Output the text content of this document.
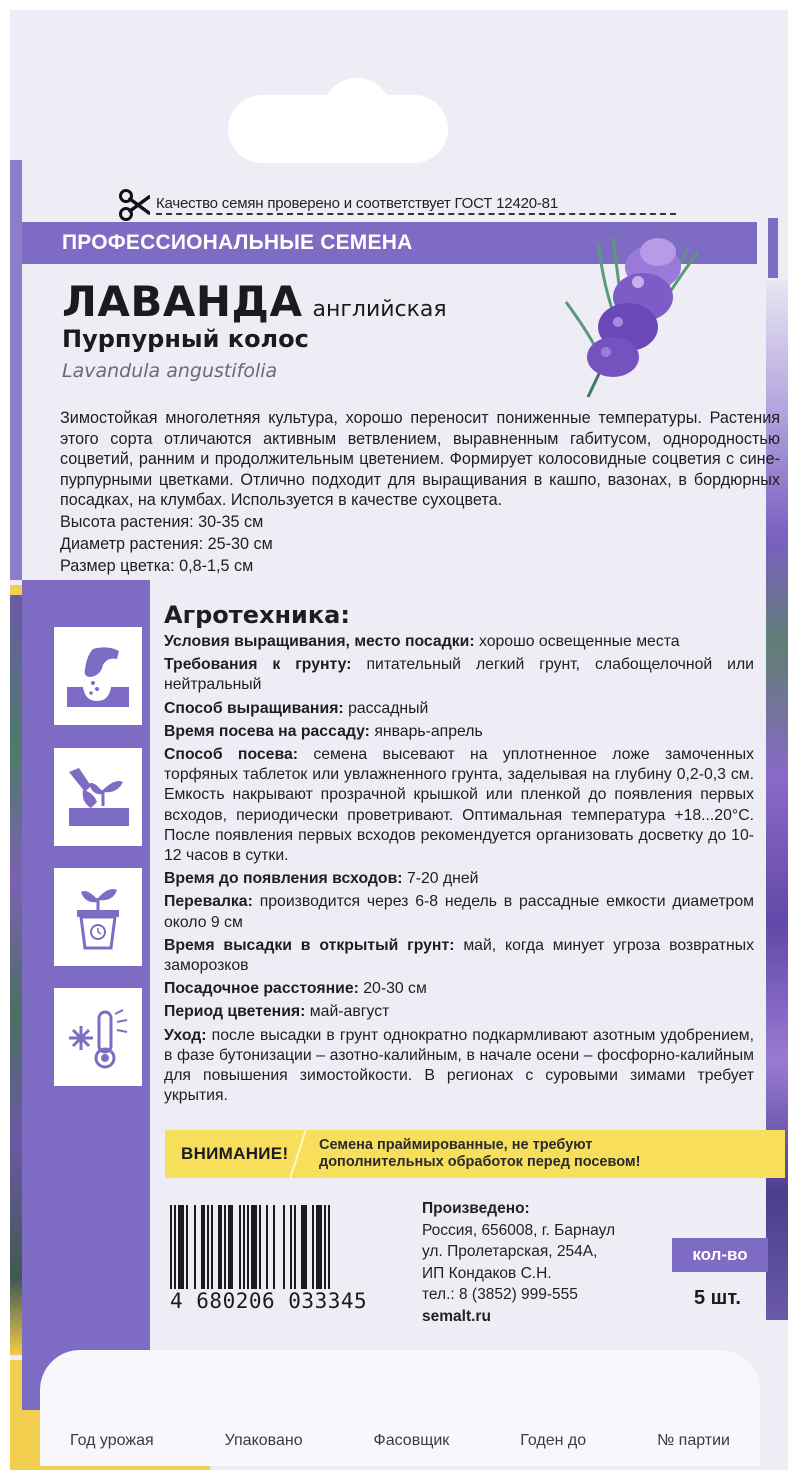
Качество семян проверено и соответствует ГОСТ 12420-81
ПРОФЕССИОНАЛЬНЫЕ СЕМЕНА
ЛАВАНДА английская
Пурпурный колос
Lavandula angustifolia
Зимостойкая многолетняя культура, хорошо переносит пониженные температуры. Растения этого сорта отличаются активным ветвлением, выравненным габитусом, однородностью соцветий, ранним и продолжительным цветением. Формирует колосовидные соцветия с сине-пурпурными цветками. Отлично подходит для выращивания в кашпо, вазонах, в бордюрных посадках, на клумбах. Используется в качестве сухоцвета.
Высота растения: 30-35 см
Диаметр растения: 25-30 см
Размер цветка: 0,8-1,5 см
Агротехника:
Условия выращивания, место посадки: хорошо освещенные места
Требования к грунту: питательный легкий грунт, слабощелочной или нейтральный
Способ выращивания: рассадный
Время посева на рассаду: январь-апрель
Способ посева: семена высевают на уплотненное ложе замоченных торфяных таблеток или увлажненного грунта, заделывая на глубину 0,2-0,3 см. Емкость накрывают прозрачной крышкой или пленкой до появления первых всходов, периодически проветривают. Оптимальная температура +18...20°С. После появления первых всходов рекомендуется организовать досветку до 10-12 часов в сутки.
Время до появления всходов: 7-20 дней
Перевалка: производится через 6-8 недель в рассадные емкости диаметром около 9 см
Время высадки в открытый грунт: май, когда минует угроза возвратных заморозков
Посадочное расстояние: 20-30 см
Период цветения: май-август
Уход: после высадки в грунт однократно подкармливают азотным удобрением, в фазе бутонизации – азотно-калийным, в начале осени – фосфорно-калийным для повышения зимостойкости. В регионах с суровыми зимами требует укрытия.
ВНИМАНИЕ! Семена праймированные, не требуют
дополнительных обработок перед посевом!
4 680206 033345
Произведено:
Россия, 656008, г. Барнаул
ул. Пролетарская, 254А,
ИП Кондаков С.Н.
тел.: 8 (3852) 999-555
semalt.ru
кол-во
5 шт.
Год урожая	Упаковано	Фасовщик	Годен до	№ партии
